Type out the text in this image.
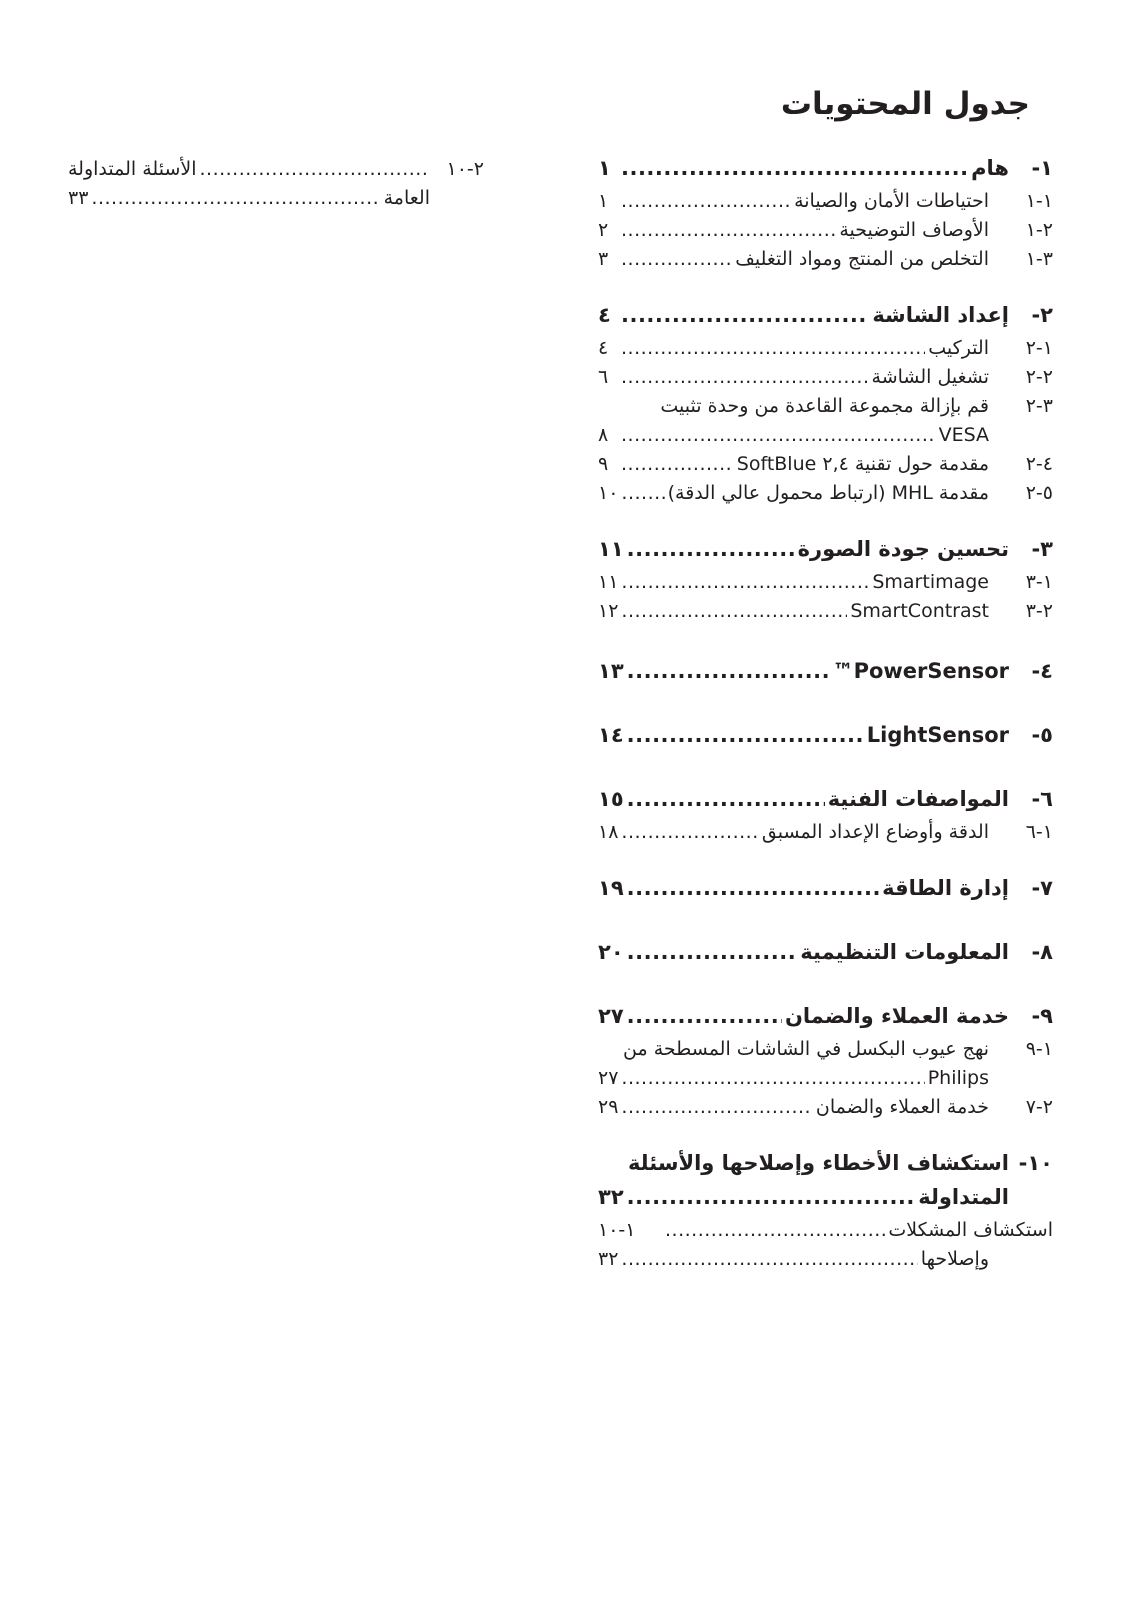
جدول المحتويات
١-
هام
.....
١
١-١
احتياطات الأمان والصيانة
.....
١
٢-١
الأوصاف التوضيحية
.....
٢
٣-١
التخلص من المنتج ومواد التغليف
.....
٣
٢-
إعداد الشاشة
.....
٤
١-٢
التركيب
.....
٤
٢-٢
تشغيل الشاشة
.....
٦
٣-٢
قم بإزالة مجموعة القاعدة من وحدة تثبيت
VESA
.....
٨
٤-٢
مقدمة حول تقنية ٢,٤ SoftBlue
.....
٩
٥-٢
مقدمة MHL (ارتباط محمول عالي الدقة)
.....
١٠
٣-
تحسين جودة الصورة
.....
١١
١-٣
Smartimage
.....
١١
٢-٣
SmartContrast
.....
١٢
٤-
PowerSensor™
.....
١٣
٥-
LightSensor
.....
١٤
٦-
المواصفات الفنية
.....
١٥
١-٦
الدقة وأوضاع الإعداد المسبق
.....
١٨
٧-
إدارة الطاقة
.....
١٩
٨-
المعلومات التنظيمية
.....
٢٠
٩-
خدمة العملاء والضمان
.....
٢٧
١-٩
نهج عيوب البكسل في الشاشات المسطحة من
Philips
.....
٢٧
٢-٧
خدمة العملاء والضمان
.....
٢٩
١٠-
استكشاف الأخطاء وإصلاحها والأسئلة
المتداولة
.....
٣٢
استكشاف المشكلات
.....
١-١٠
وإصلاحها
.....
٣٢
٢-١٠
.....
الأسئلة المتداولة
العامة
.....
٣٣
